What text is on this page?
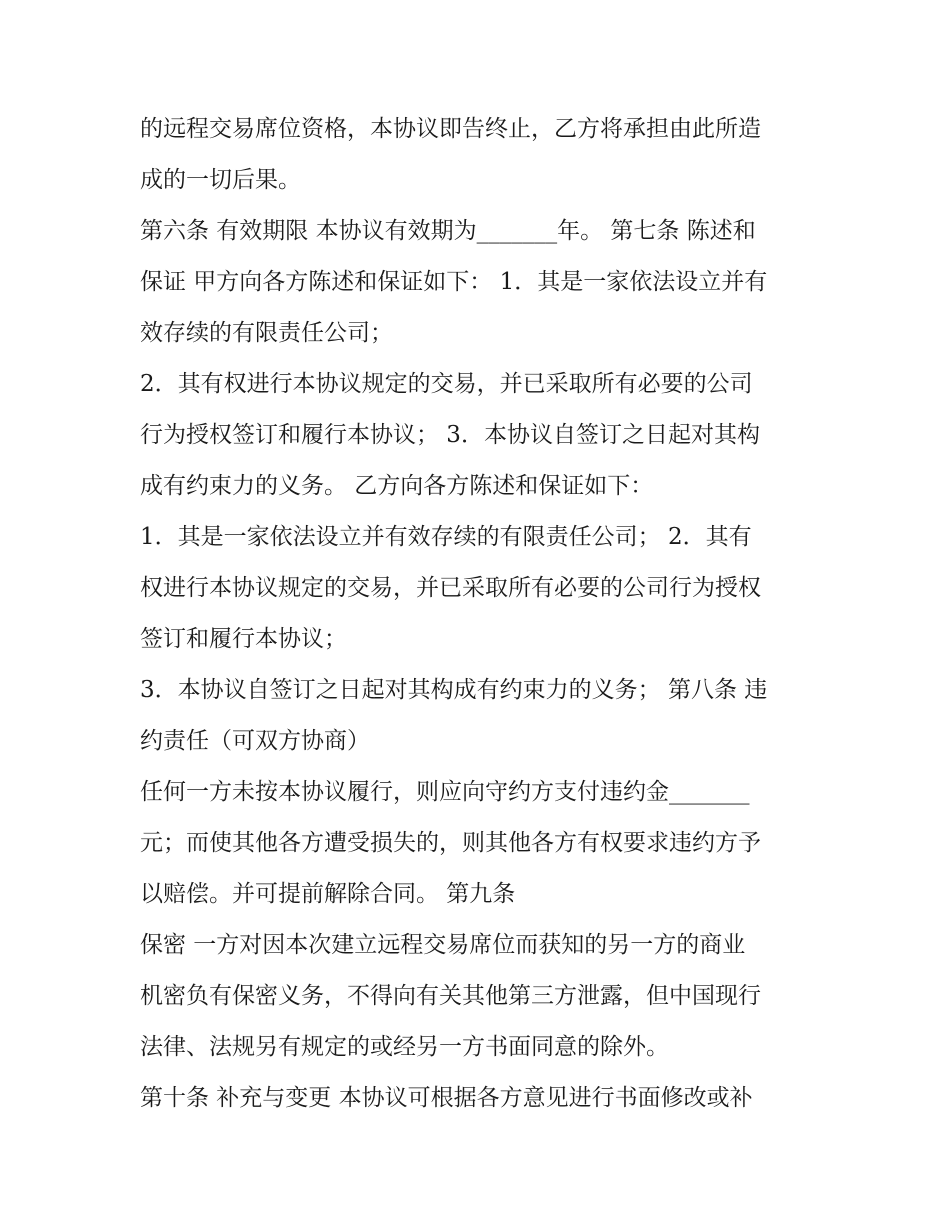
的远程交易席位资格，本协议即告终止，乙方将承担由此所造
成的一切后果。
第六条 有效期限 本协议有效期为_______年。 第七条 陈述和
保证 甲方向各方陈述和保证如下： 1．其是一家依法设立并有
效存续的有限责任公司；
2．其有权进行本协议规定的交易，并已采取所有必要的公司
行为授权签订和履行本协议； 3．本协议自签订之日起对其构
成有约束力的义务。 乙方向各方陈述和保证如下：
1．其是一家依法设立并有效存续的有限责任公司； 2．其有
权进行本协议规定的交易，并已采取所有必要的公司行为授权
签订和履行本协议；
3．本协议自签订之日起对其构成有约束力的义务； 第八条 违
约责任（可双方协商）
任何一方未按本协议履行，则应向守约方支付违约金_______
元；而使其他各方遭受损失的，则其他各方有权要求违约方予
以赔偿。并可提前解除合同。 第九条
保密 一方对因本次建立远程交易席位而获知的另一方的商业
机密负有保密义务，不得向有关其他第三方泄露，但中国现行
法律、法规另有规定的或经另一方书面同意的除外。
第十条 补充与变更 本协议可根据各方意见进行书面修改或补
